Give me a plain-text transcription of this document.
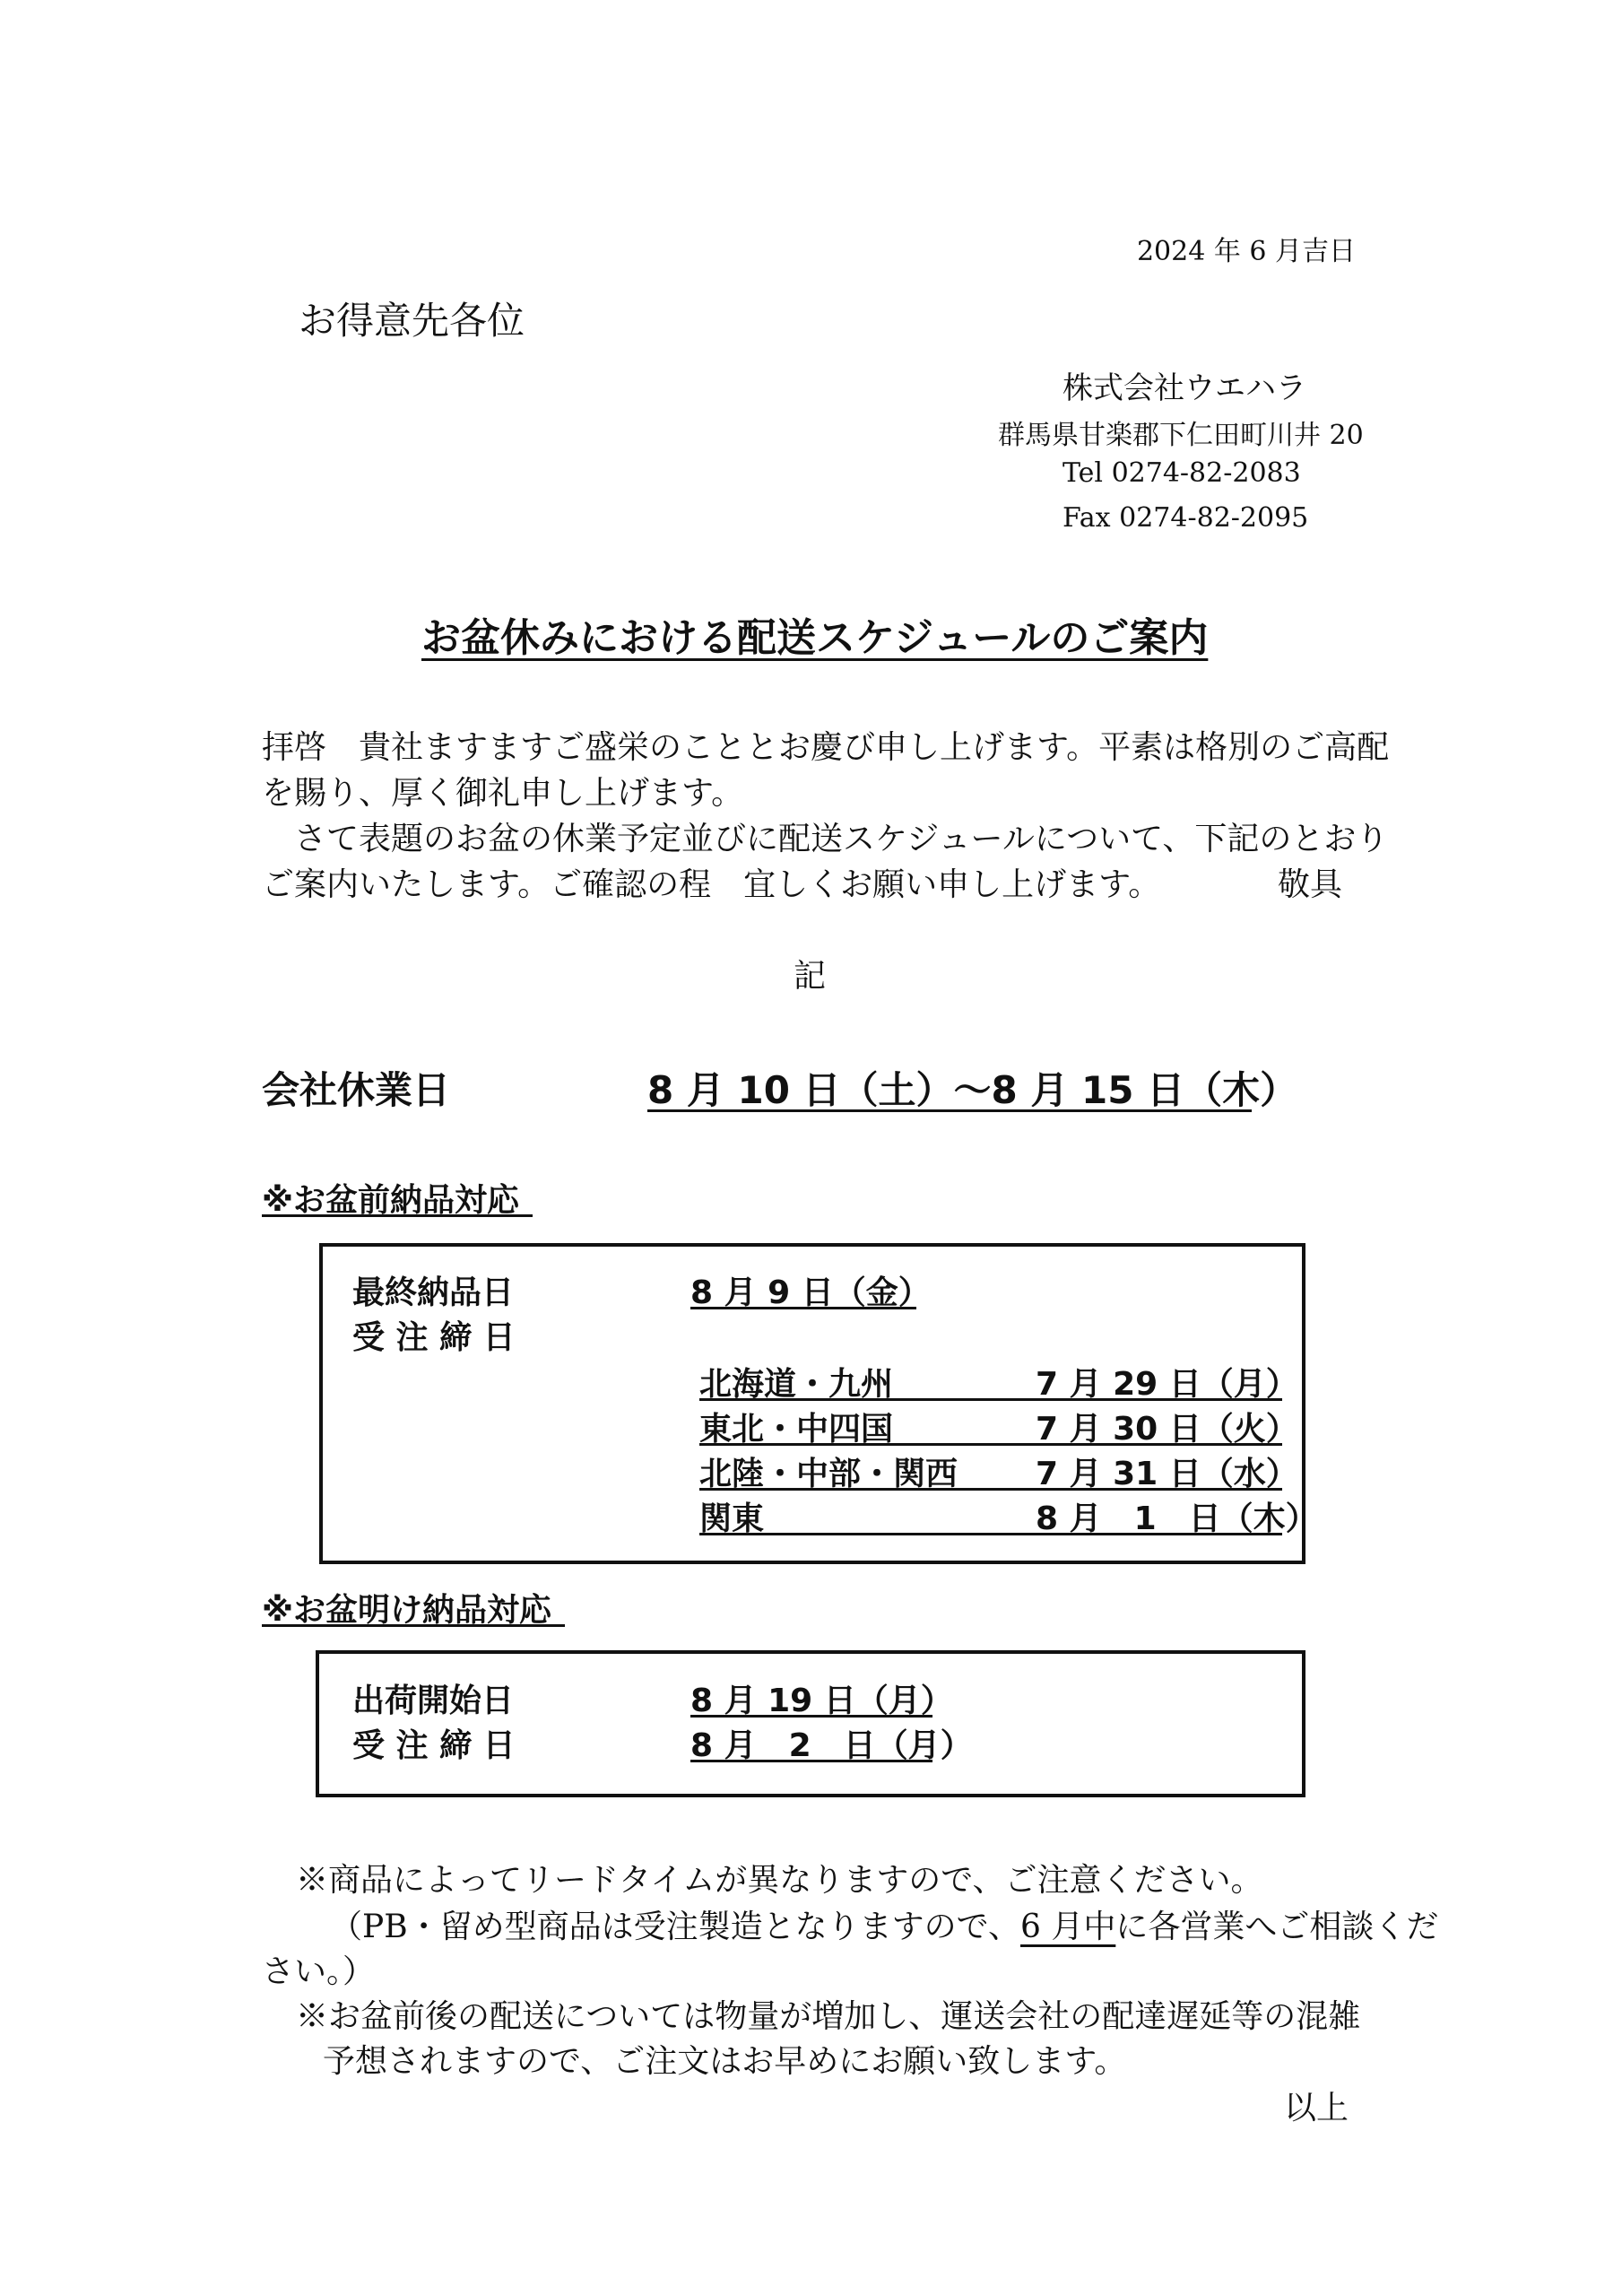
2024 年 6 月吉日
お得意先各位
株式会社ウエハラ
群馬県甘楽郡下仁田町川井 20
Tel 0274-82-2083
Fax 0274-82-2095
お盆休みにおける配送スケジュールのご案内
拝啓　貴社ますますご盛栄のこととお慶び申し上げます。平素は格別のご高配
を賜り、厚く御礼申し上げます。
　さて表題のお盆の休業予定並びに配送スケジュールについて、下記のとおり
ご案内いたします。ご確認の程　宜しくお願い申し上げます。	敬具
記
会社休業日	8 月 10 日（土）～8 月 15 日（木）
※お盆前納品対応
最終納品日	8 月 9 日（金）
受 注 締 日
北海道・九州	7 月 29 日（月）
東北・中四国	7 月 30 日（火）
北陸・中部・関西 7 月 31 日（水）
関東	8 月　1　日（木）
※お盆明け納品対応
出荷開始日	8 月 19 日（月）
受 注 締 日	8 月　2　日（月）
※商品によってリードタイムが異なりますので、ご注意ください。
（PB・留め型商品は受注製造となりますので、6 月中に各営業へご相談くだ
さい。）
※お盆前後の配送については物量が増加し、運送会社の配達遅延等の混雑
予想されますので、ご注文はお早めにお願い致します。
以上
